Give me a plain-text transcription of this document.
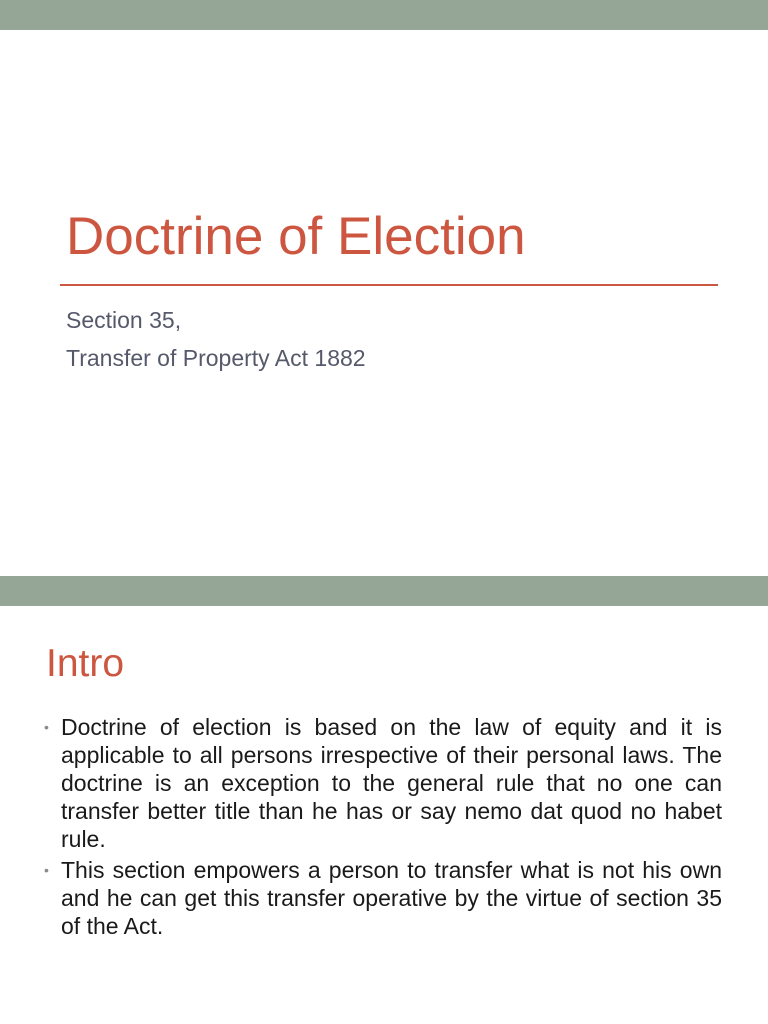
Doctrine of Election
Section 35,
Transfer of Property Act 1882
Intro
• Doctrine of election is based on the law of equity and it is applicable to all persons irrespective of their personal laws. The doctrine is an exception to the general rule that no one can transfer better title than he has or say nemo dat quod no habet rule.
• This section empowers a person to transfer what is not his own and he can get this transfer operative by the virtue of section 35 of the Act.
